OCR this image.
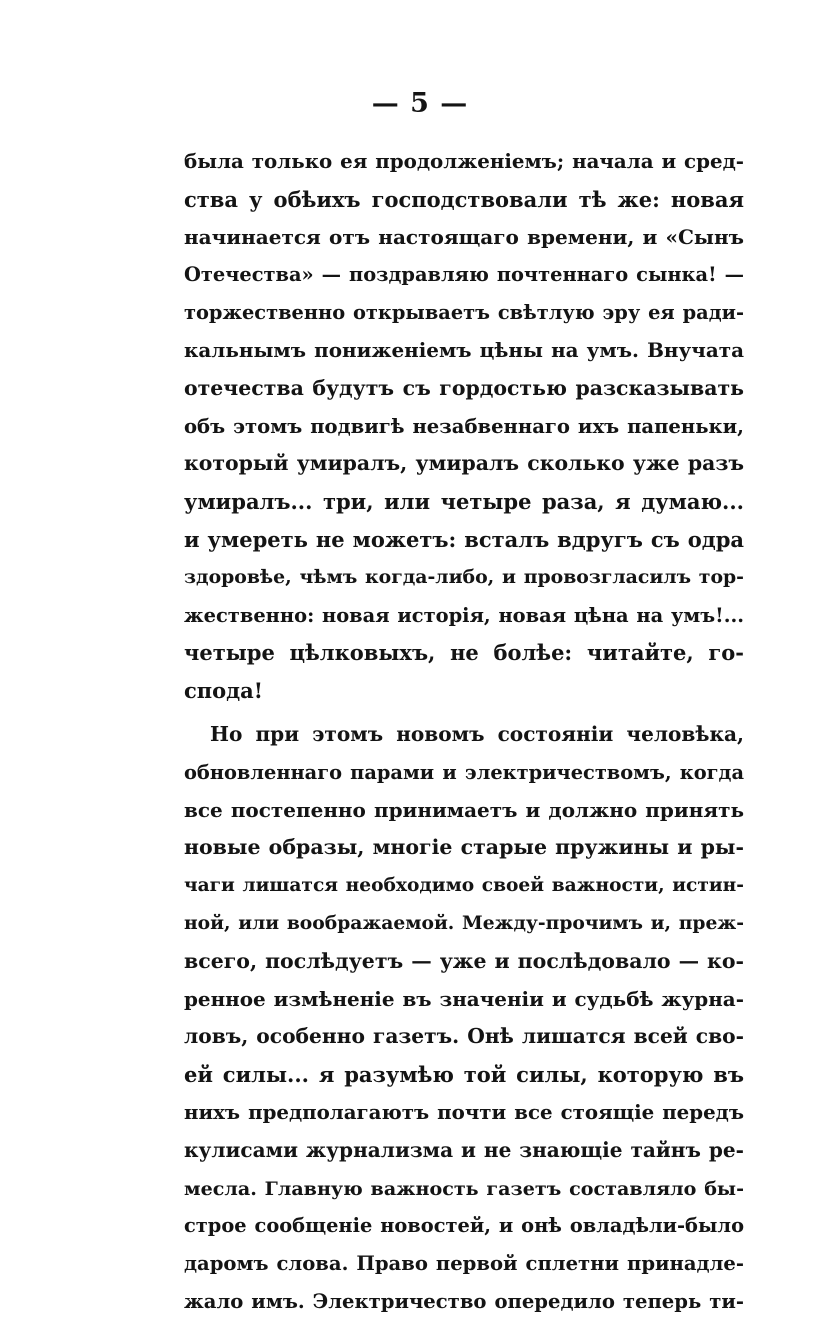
— 5 —
была только ея продолженіемъ; начала и сред-
ства у обѣихъ господствовали тѣ же: новая
начинается отъ настоящаго времени, и «Сынъ
Отечества» — поздравляю почтеннаго сынка! —
торжественно открываетъ свѣтлую эру ея ради-
кальнымъ пониженіемъ цѣны на умъ. Внучата
отечества будутъ съ гордостью разсказывать
объ этомъ подвигѣ незабвеннаго ихъ папеньки,
который умиралъ, умиралъ сколько уже разъ
умиралъ... три, или четыре раза, я думаю...
и умереть не можетъ: всталъ вдругъ съ одра
здоровѣе, чѣмъ когда-либо, и провозгласилъ тор-
жественно: новая исторія, новая цѣна на умъ!...
четыре цѣлковыхъ, не болѣе: читайте, го-
спода!
Но при этомъ новомъ состояніи человѣка,
обновленнаго парами и электричествомъ, когда
все постепенно принимаетъ и должно принять
новые образы, многіе старые пружины и ры-
чаги лишатся необходимо своей важности, истин-
ной, или воображаемой. Между-прочимъ и, преж-
всего, послѣдуетъ — уже и послѣдовало — ко-
ренное измѣненіе въ значеніи и судьбѣ журна-
ловъ, особенно газетъ. Онѣ лишатся всей сво-
ей силы... я разумѣю той силы, которую въ
нихъ предполагаютъ почти все стоящіе передъ
кулисами журнализма и не знающіе тайнъ ре-
месла. Главную важность газетъ составляло бы-
строе сообщеніе новостей, и онѣ овладѣли-было
даромъ слова. Право первой сплетни принадле-
жало имъ. Электричество опередило теперь ти-
